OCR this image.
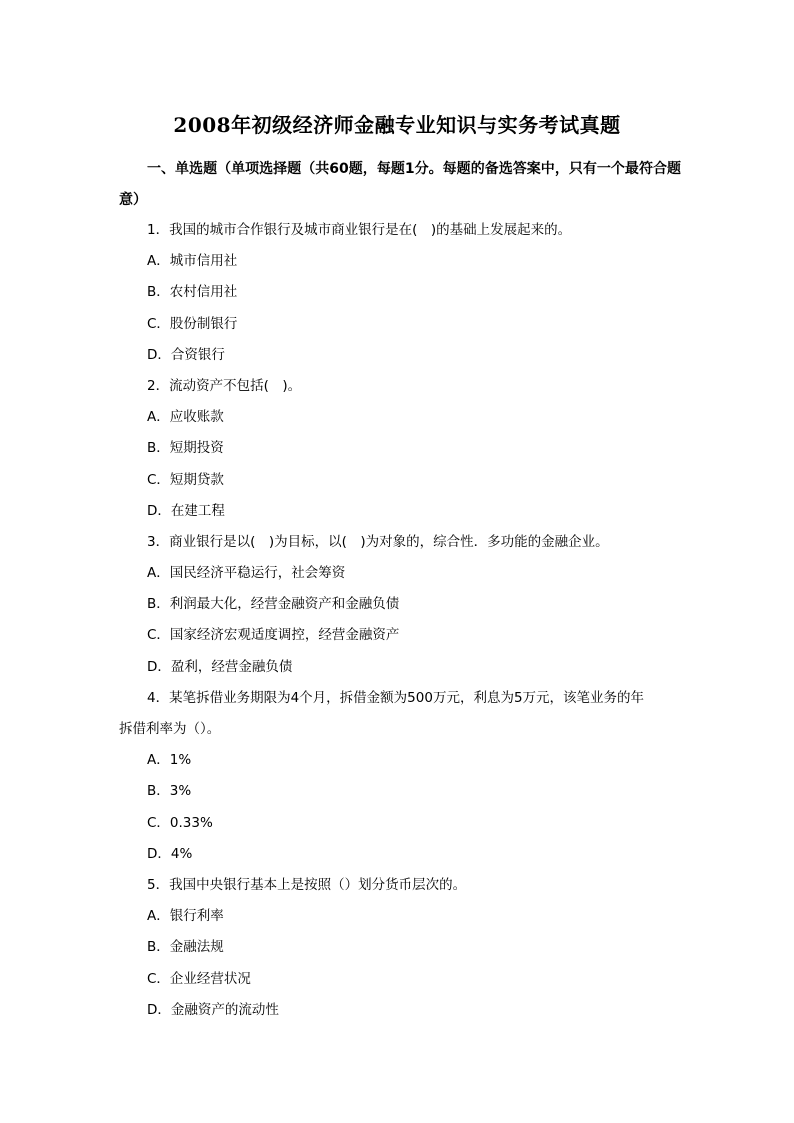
2008年初级经济师金融专业知识与实务考试真题
一、单选题（单项选择题（共60题，每题1分。每题的备选答案中，只有一个最符合题意）
1．我国的城市合作银行及城市商业银行是在(　)的基础上发展起来的。
A．城市信用社
B．农村信用社
C．股份制银行
D．合资银行
2．流动资产不包括(　)。
A．应收账款
B．短期投资
C．短期贷款
D．在建工程
3．商业银行是以(　)为目标，以(　)为对象的，综合性．多功能的金融企业。
A．国民经济平稳运行，社会筹资
B．利润最大化，经营金融资产和金融负债
C．国家经济宏观适度调控，经营金融资产
D．盈利，经营金融负债
4．某笔拆借业务期限为4个月，拆借金额为500万元，利息为5万元，该笔业务的年
拆借利率为（）。
A．1%
B．3%
C．0.33%
D．4%
5．我国中央银行基本上是按照（）划分货币层次的。
A．银行利率
B．金融法规
C．企业经营状况
D．金融资产的流动性
